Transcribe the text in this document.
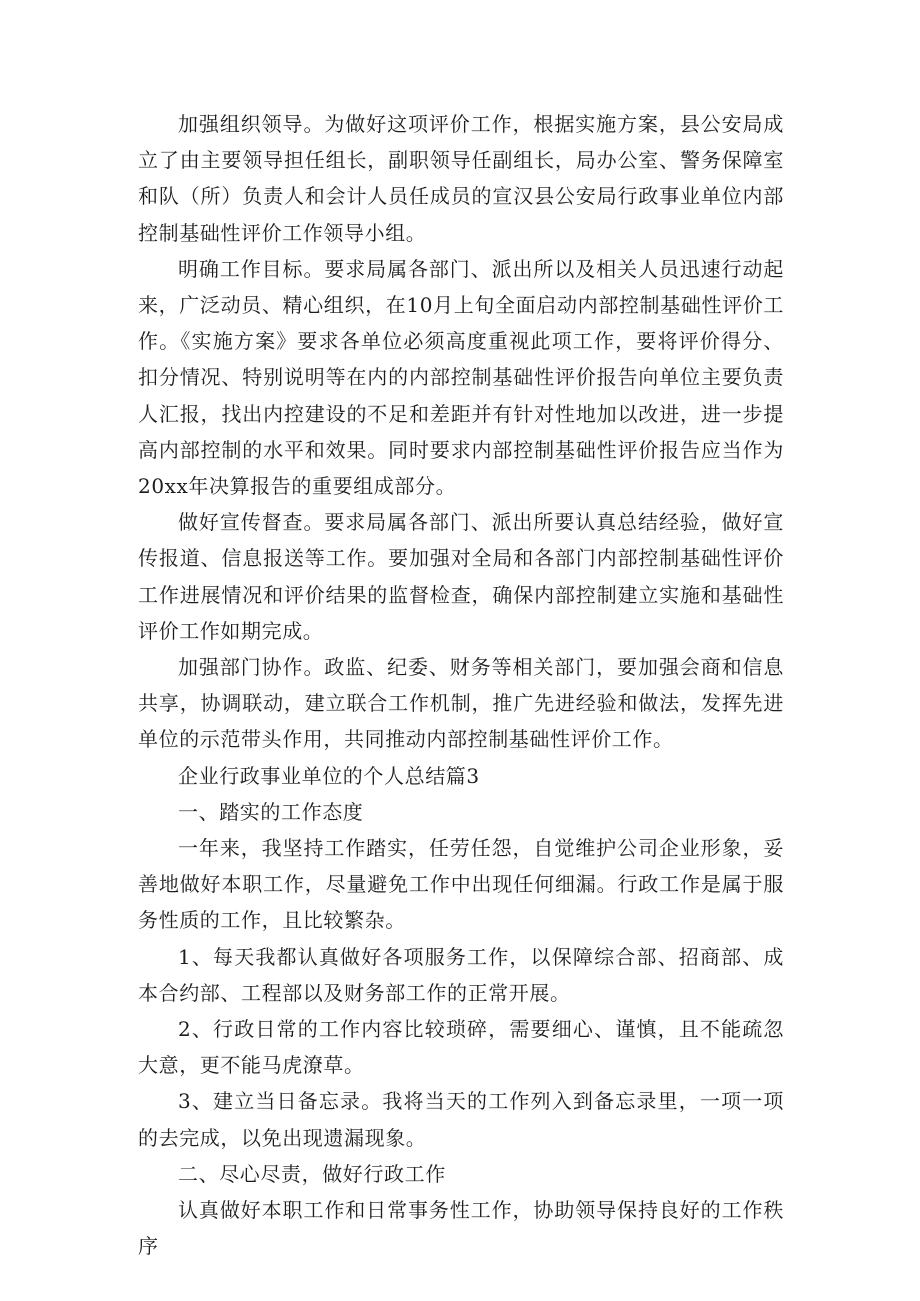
加强组织领导。为做好这项评价工作，根据实施方案，县公安局成立了由主要领导担任组长，副职领导任副组长，局办公室、警务保障室和队（所）负责人和会计人员任成员的宣汉县公安局行政事业单位内部控制基础性评价工作领导小组。

明确工作目标。要求局属各部门、派出所以及相关人员迅速行动起来，广泛动员、精心组织，在10月上旬全面启动内部控制基础性评价工作。《实施方案》要求各单位必须高度重视此项工作，要将评价得分、扣分情况、特别说明等在内的内部控制基础性评价报告向单位主要负责人汇报，找出内控建设的不足和差距并有针对性地加以改进，进一步提高内部控制的水平和效果。同时要求内部控制基础性评价报告应当作为20xx年决算报告的重要组成部分。

做好宣传督查。要求局属各部门、派出所要认真总结经验，做好宣传报道、信息报送等工作。要加强对全局和各部门内部控制基础性评价工作进展情况和评价结果的监督检查，确保内部控制建立实施和基础性评价工作如期完成。

加强部门协作。政监、纪委、财务等相关部门，要加强会商和信息共享，协调联动，建立联合工作机制，推广先进经验和做法，发挥先进单位的示范带头作用，共同推动内部控制基础性评价工作。

企业行政事业单位的个人总结篇3

一、踏实的工作态度

一年来，我坚持工作踏实，任劳任怨，自觉维护公司企业形象，妥善地做好本职工作，尽量避免工作中出现任何细漏。行政工作是属于服务性质的工作，且比较繁杂。

1、每天我都认真做好各项服务工作，以保障综合部、招商部、成本合约部、工程部以及财务部工作的正常开展。

2、行政日常的工作内容比较琐碎，需要细心、谨慎，且不能疏忽大意，更不能马虎潦草。

3、建立当日备忘录。我将当天的工作列入到备忘录里，一项一项的去完成，以免出现遗漏现象。

二、尽心尽责，做好行政工作

认真做好本职工作和日常事务性工作，协助领导保持良好的工作秩序
